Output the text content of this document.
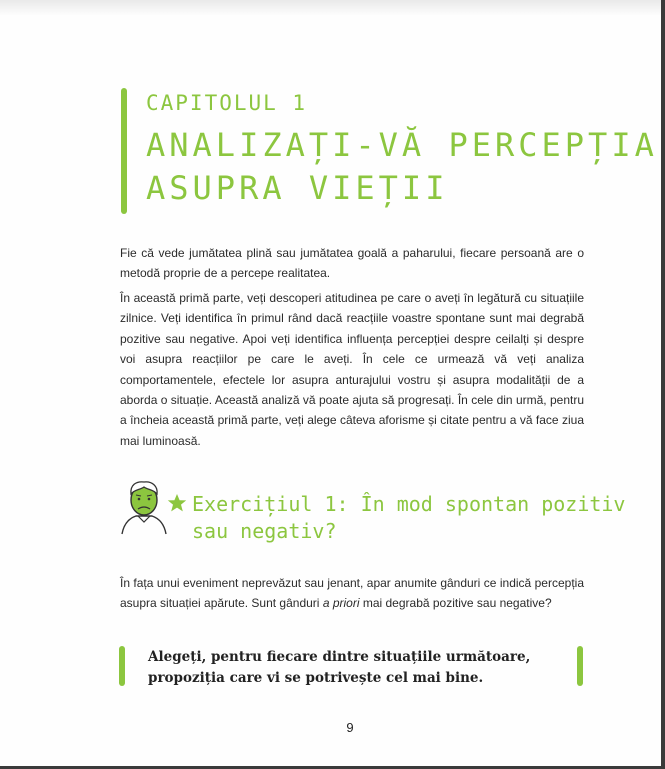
CAPITOLUL 1
ANALIZAȚI-VĂ PERCEPȚIA
ASUPRA VIEȚII
Fie că vede jumătatea plină sau jumătatea goală a paharului, fiecare persoană are o metodă proprie de a percepe realitatea.
În această primă parte, veți descoperi atitudinea pe care o aveți în legătură cu situațiile zilnice. Veți identifica în primul rând dacă reacțiile voastre spontane sunt mai degrabă pozitive sau negative. Apoi veți identifica influența percepției despre ceilalți și despre voi asupra reacțiilor pe care le aveți. În cele ce urmează vă veți analiza comportamentele, efectele lor asupra anturajului vostru și asupra modalității de a aborda o situație. Această analiză vă poate ajuta să progresați. În cele din urmă, pentru a încheia această primă parte, veți alege câteva aforisme și citate pentru a vă face ziua mai luminoasă.
Exercițiul 1: În mod spontan pozitiv
sau negativ?
În fața unui eveniment neprevăzut sau jenant, apar anumite gânduri ce indică percepția asupra situației apărute. Sunt gânduri a priori mai degrabă pozitive sau negative?
Alegeți, pentru fiecare dintre situațiile următoare,
propoziția care vi se potrivește cel mai bine.
9
